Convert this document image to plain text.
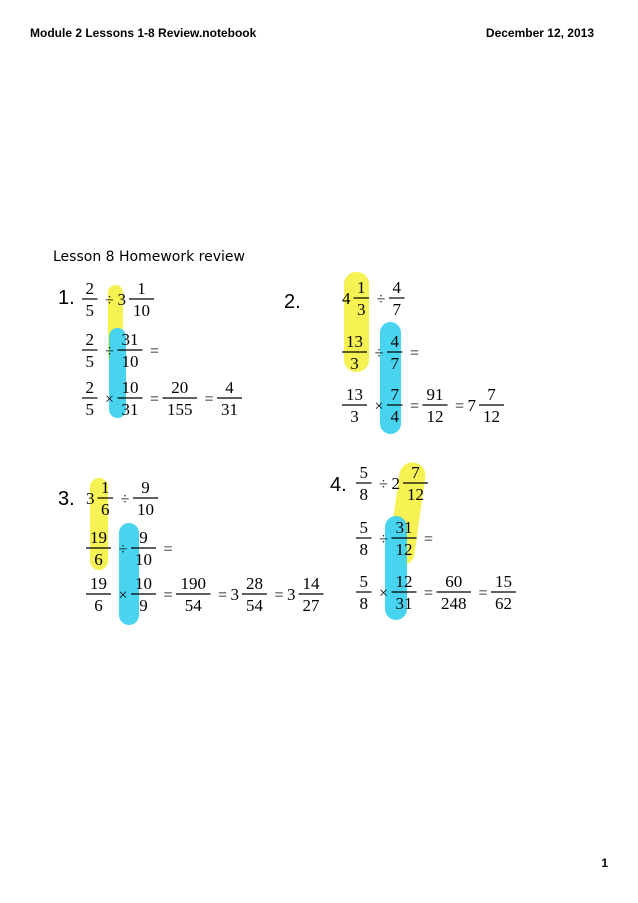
Module 2 Lessons 1-8 Review.notebook	December 12, 2013
Lesson 8 Homework review
1.	2.
3.
4.
2
5
÷ 3
1
10
2
5
÷
31
10
=
2
5
×
10
31
=
20
155
=
4
31
4
1
3
÷
4
7
13
3
÷
4
7
=
13
3
×
7
4
=
91
12
= 7
7
12
3
1
6
÷
9
10
19
6
÷
9
10
=
19
6
×
10
9
=
190
54
= 3
28
54
= 3
14
27
5
8
÷ 2
7
12
5
8
÷
31
12
=
5
8
×
12
31
=
60
248
=
15
62
1
